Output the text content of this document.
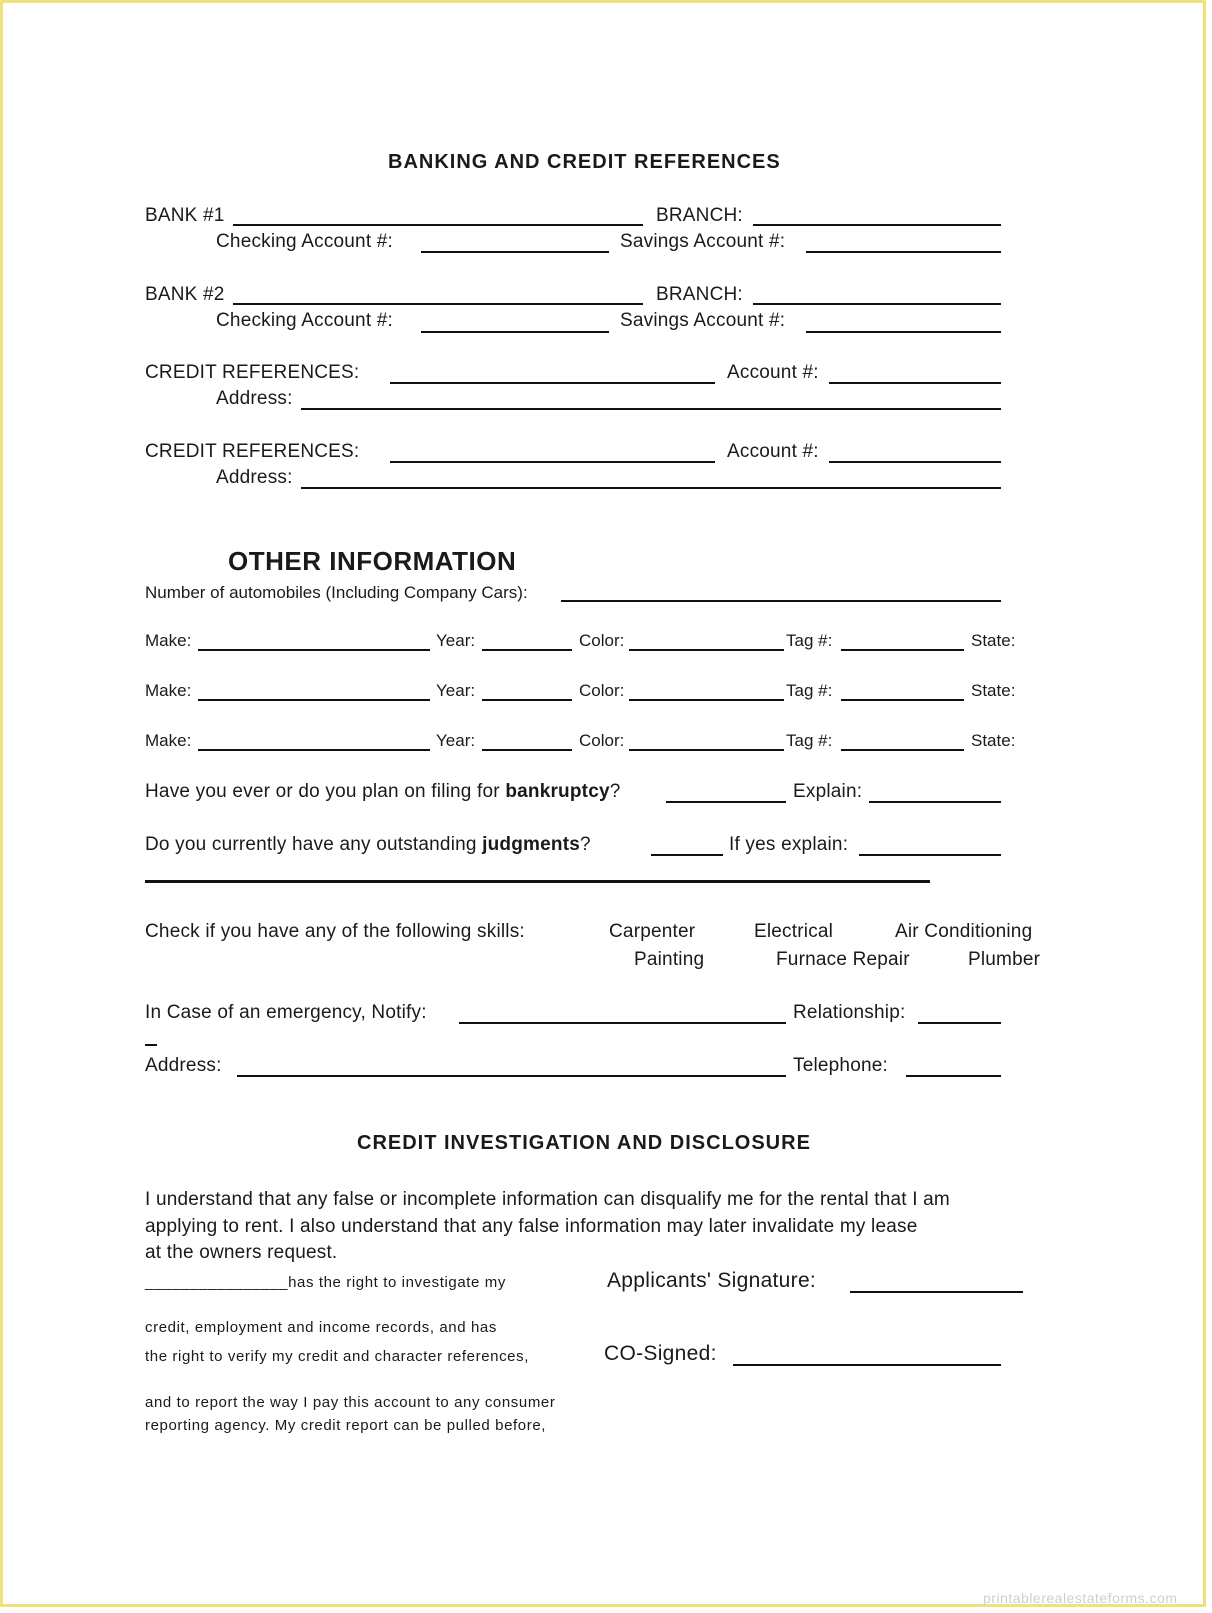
BANKING AND CREDIT REFERENCES
BANK #1	BRANCH:
Checking Account #:	Savings Account #:
BANK #2	BRANCH:
Checking Account #:	Savings Account #:
CREDIT REFERENCES:	Account #:
Address:
CREDIT REFERENCES:	Account #:
Address:
OTHER INFORMATION
Number of automobiles (Including Company Cars):
Make:	Year:	Color:	Tag #:	State:
Make:	Year:	Color:	Tag #:	State:
Make:	Year:	Color:	Tag #:	State:
Have you ever or do you plan on filing for bankruptcy?	Explain:
Do you currently have any outstanding judgments?	If yes explain:
Check if you have any of the following skills:	Carpenter	Electrical	Air Conditioning
Painting	Furnace Repair	Plumber
In Case of an emergency, Notify:	Relationship:
Address:	Telephone:
CREDIT INVESTIGATION AND DISCLOSURE
I understand that any false or incomplete information can disqualify me for the rental that I am
applying to rent. I also understand that any false information may later invalidate my lease
at the owners request.
________________has the right to investigate my	Applicants' Signature:
credit, employment and income records, and has
the right to verify my credit and character references,	CO-Signed:
and to report the way I pay this account to any consumer
reporting agency. My credit report can be pulled before,
printablerealestateforms.com
